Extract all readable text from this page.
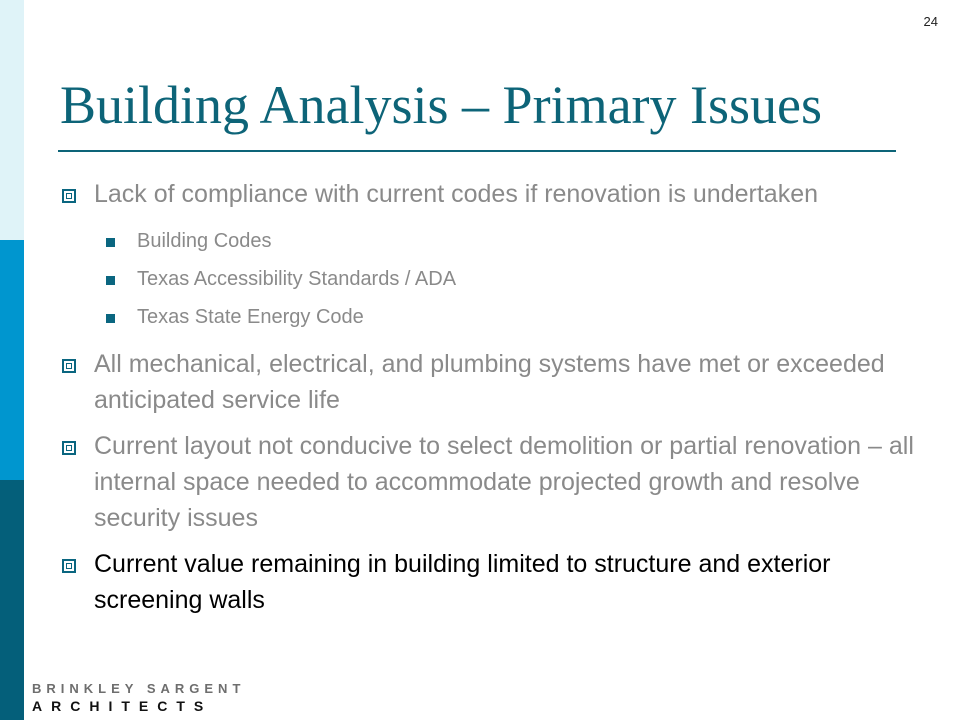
24
Building Analysis – Primary Issues
Lack of compliance with current codes if renovation is undertaken
Building Codes
Texas Accessibility Standards / ADA
Texas State Energy Code
All mechanical, electrical, and plumbing systems have met or exceeded anticipated service life
Current layout not conducive to select demolition or partial renovation – all internal space needed to accommodate projected growth and resolve security issues
Current value remaining in building limited to structure and exterior screening walls
BRINKLEY SARGENT
ARCHITECTS
